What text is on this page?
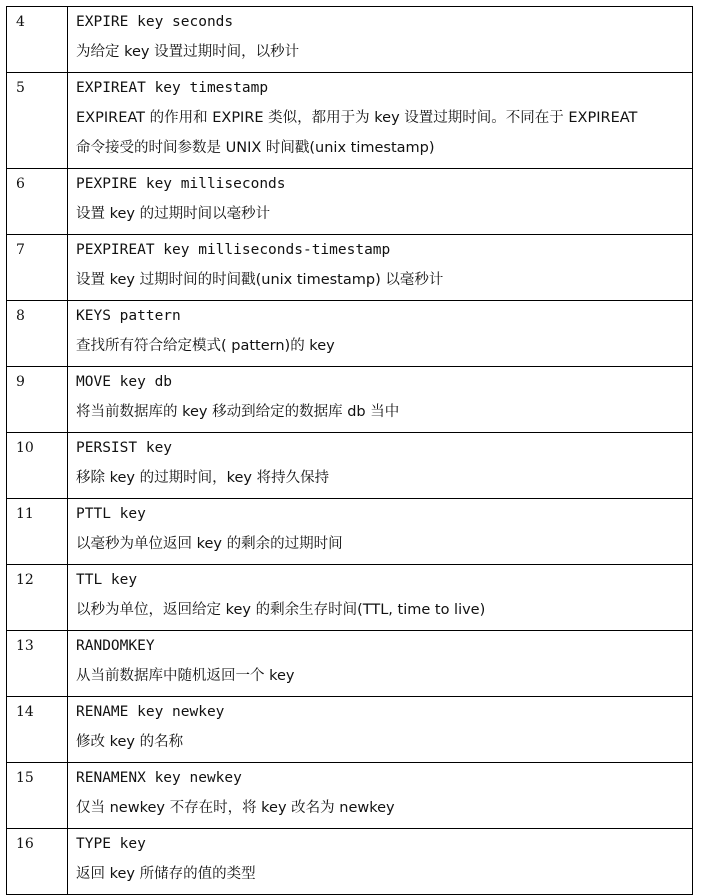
4	EXPIRE key seconds
为给定 key 设置过期时间，以秒计

5	EXPIREAT key timestamp
EXPIREAT 的作用和 EXPIRE 类似，都用于为 key 设置过期时间。不同在于 EXPIREAT
命令接受的时间参数是 UNIX 时间戳(unix timestamp)

6	PEXPIRE key milliseconds
设置 key 的过期时间以毫秒计

7	PEXPIREAT key milliseconds-timestamp
设置 key 过期时间的时间戳(unix timestamp) 以毫秒计

8	KEYS pattern
查找所有符合给定模式( pattern)的 key

9	MOVE key db
将当前数据库的 key 移动到给定的数据库 db 当中

10	PERSIST key
移除 key 的过期时间，key 将持久保持

11	PTTL key
以毫秒为单位返回 key 的剩余的过期时间

12	TTL key
以秒为单位，返回给定 key 的剩余生存时间(TTL, time to live)

13	RANDOMKEY
从当前数据库中随机返回一个 key

14	RENAME key newkey
修改 key 的名称

15	RENAMENX key newkey
仅当 newkey 不存在时，将 key 改名为 newkey

16	TYPE key
返回 key 所储存的值的类型
